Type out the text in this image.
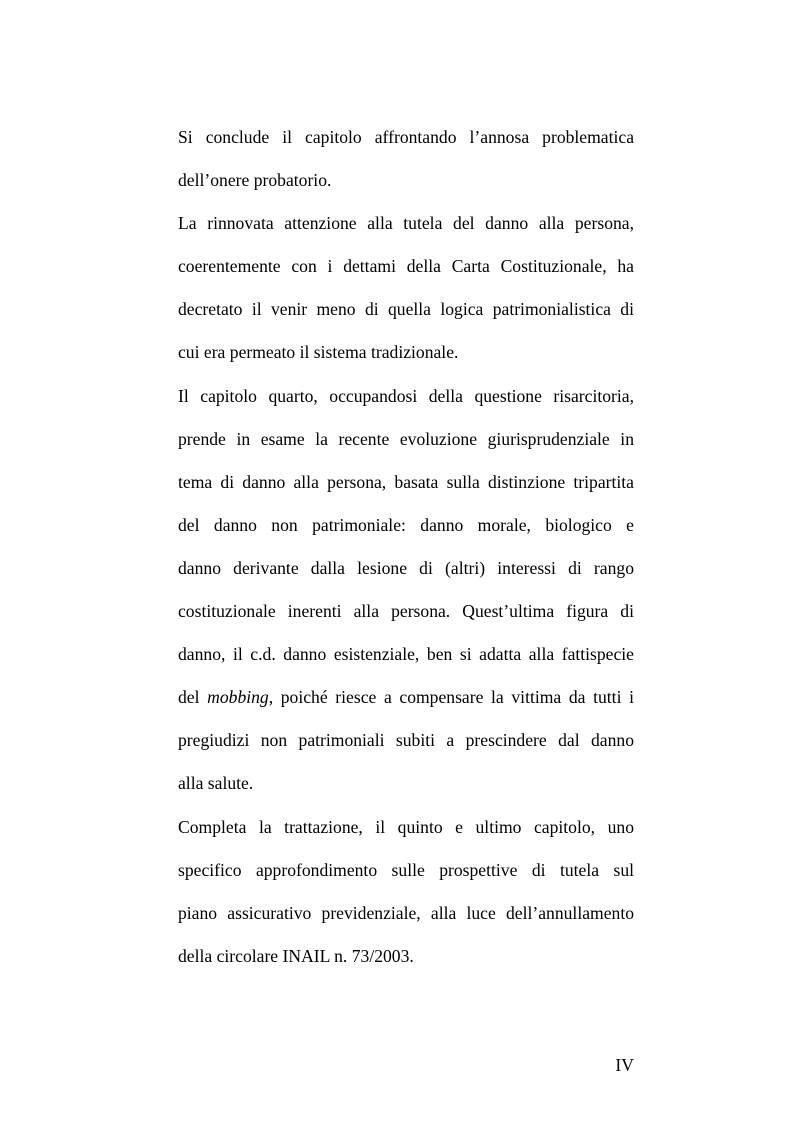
Si conclude il capitolo affrontando l’annosa problematica
dell’onere probatorio.
La rinnovata attenzione alla tutela del danno alla persona,
coerentemente con i dettami della Carta Costituzionale, ha
decretato il venir meno di quella logica patrimonialistica di
cui era permeato il sistema tradizionale.
Il capitolo quarto, occupandosi della questione risarcitoria,
prende in esame la recente evoluzione giurisprudenziale in
tema di danno alla persona, basata sulla distinzione tripartita
del danno non patrimoniale: danno morale, biologico e
danno derivante dalla lesione di (altri) interessi di rango
costituzionale inerenti alla persona. Quest’ultima figura di
danno, il c.d. danno esistenziale, ben si adatta alla fattispecie
del mobbing, poiché riesce a compensare la vittima da tutti i
pregiudizi non patrimoniali subiti a prescindere dal danno
alla salute.
Completa la trattazione, il quinto e ultimo capitolo, uno
specifico approfondimento sulle prospettive di tutela sul
piano assicurativo previdenziale, alla luce dell’annullamento
della circolare INAIL n. 73/2003.
IV
